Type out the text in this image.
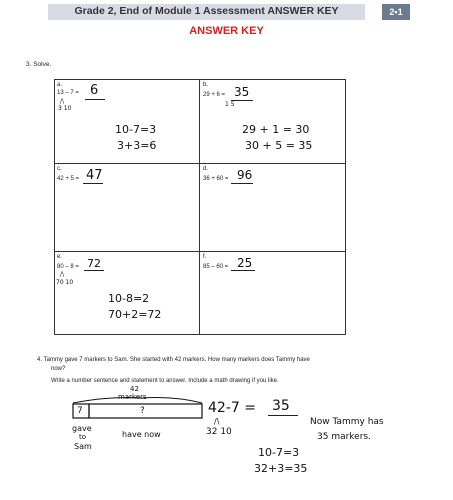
Grade 2, End of Module 1 Assessment ANSWER KEY	2•1
ANSWER KEY
3. Solve.
a.
13 – 7 = 6
/\
3 10
10-7=3
3+3=6
b.
29 + 6 = 35
1 5
29 + 1 = 30
30 + 5 = 35
c.
42 + 5 = 47	d.
36 + 60 = 96
e.
80 – 8 = 72
/\
70 10
10-8=2
70+2=72
f.
85 – 60 = 25
4. Tammy gave 7 markers to Sam. She started with 42 markers. How many markers does Tammy have
now?
Write a number sentence and statement to answer. Include a math drawing if you like.
42
markers
7	?
gave
to
Sam
have now
42-7 = 35
/\
32 10
10-7=3
32+3=35
Now Tammy has
35 markers.
